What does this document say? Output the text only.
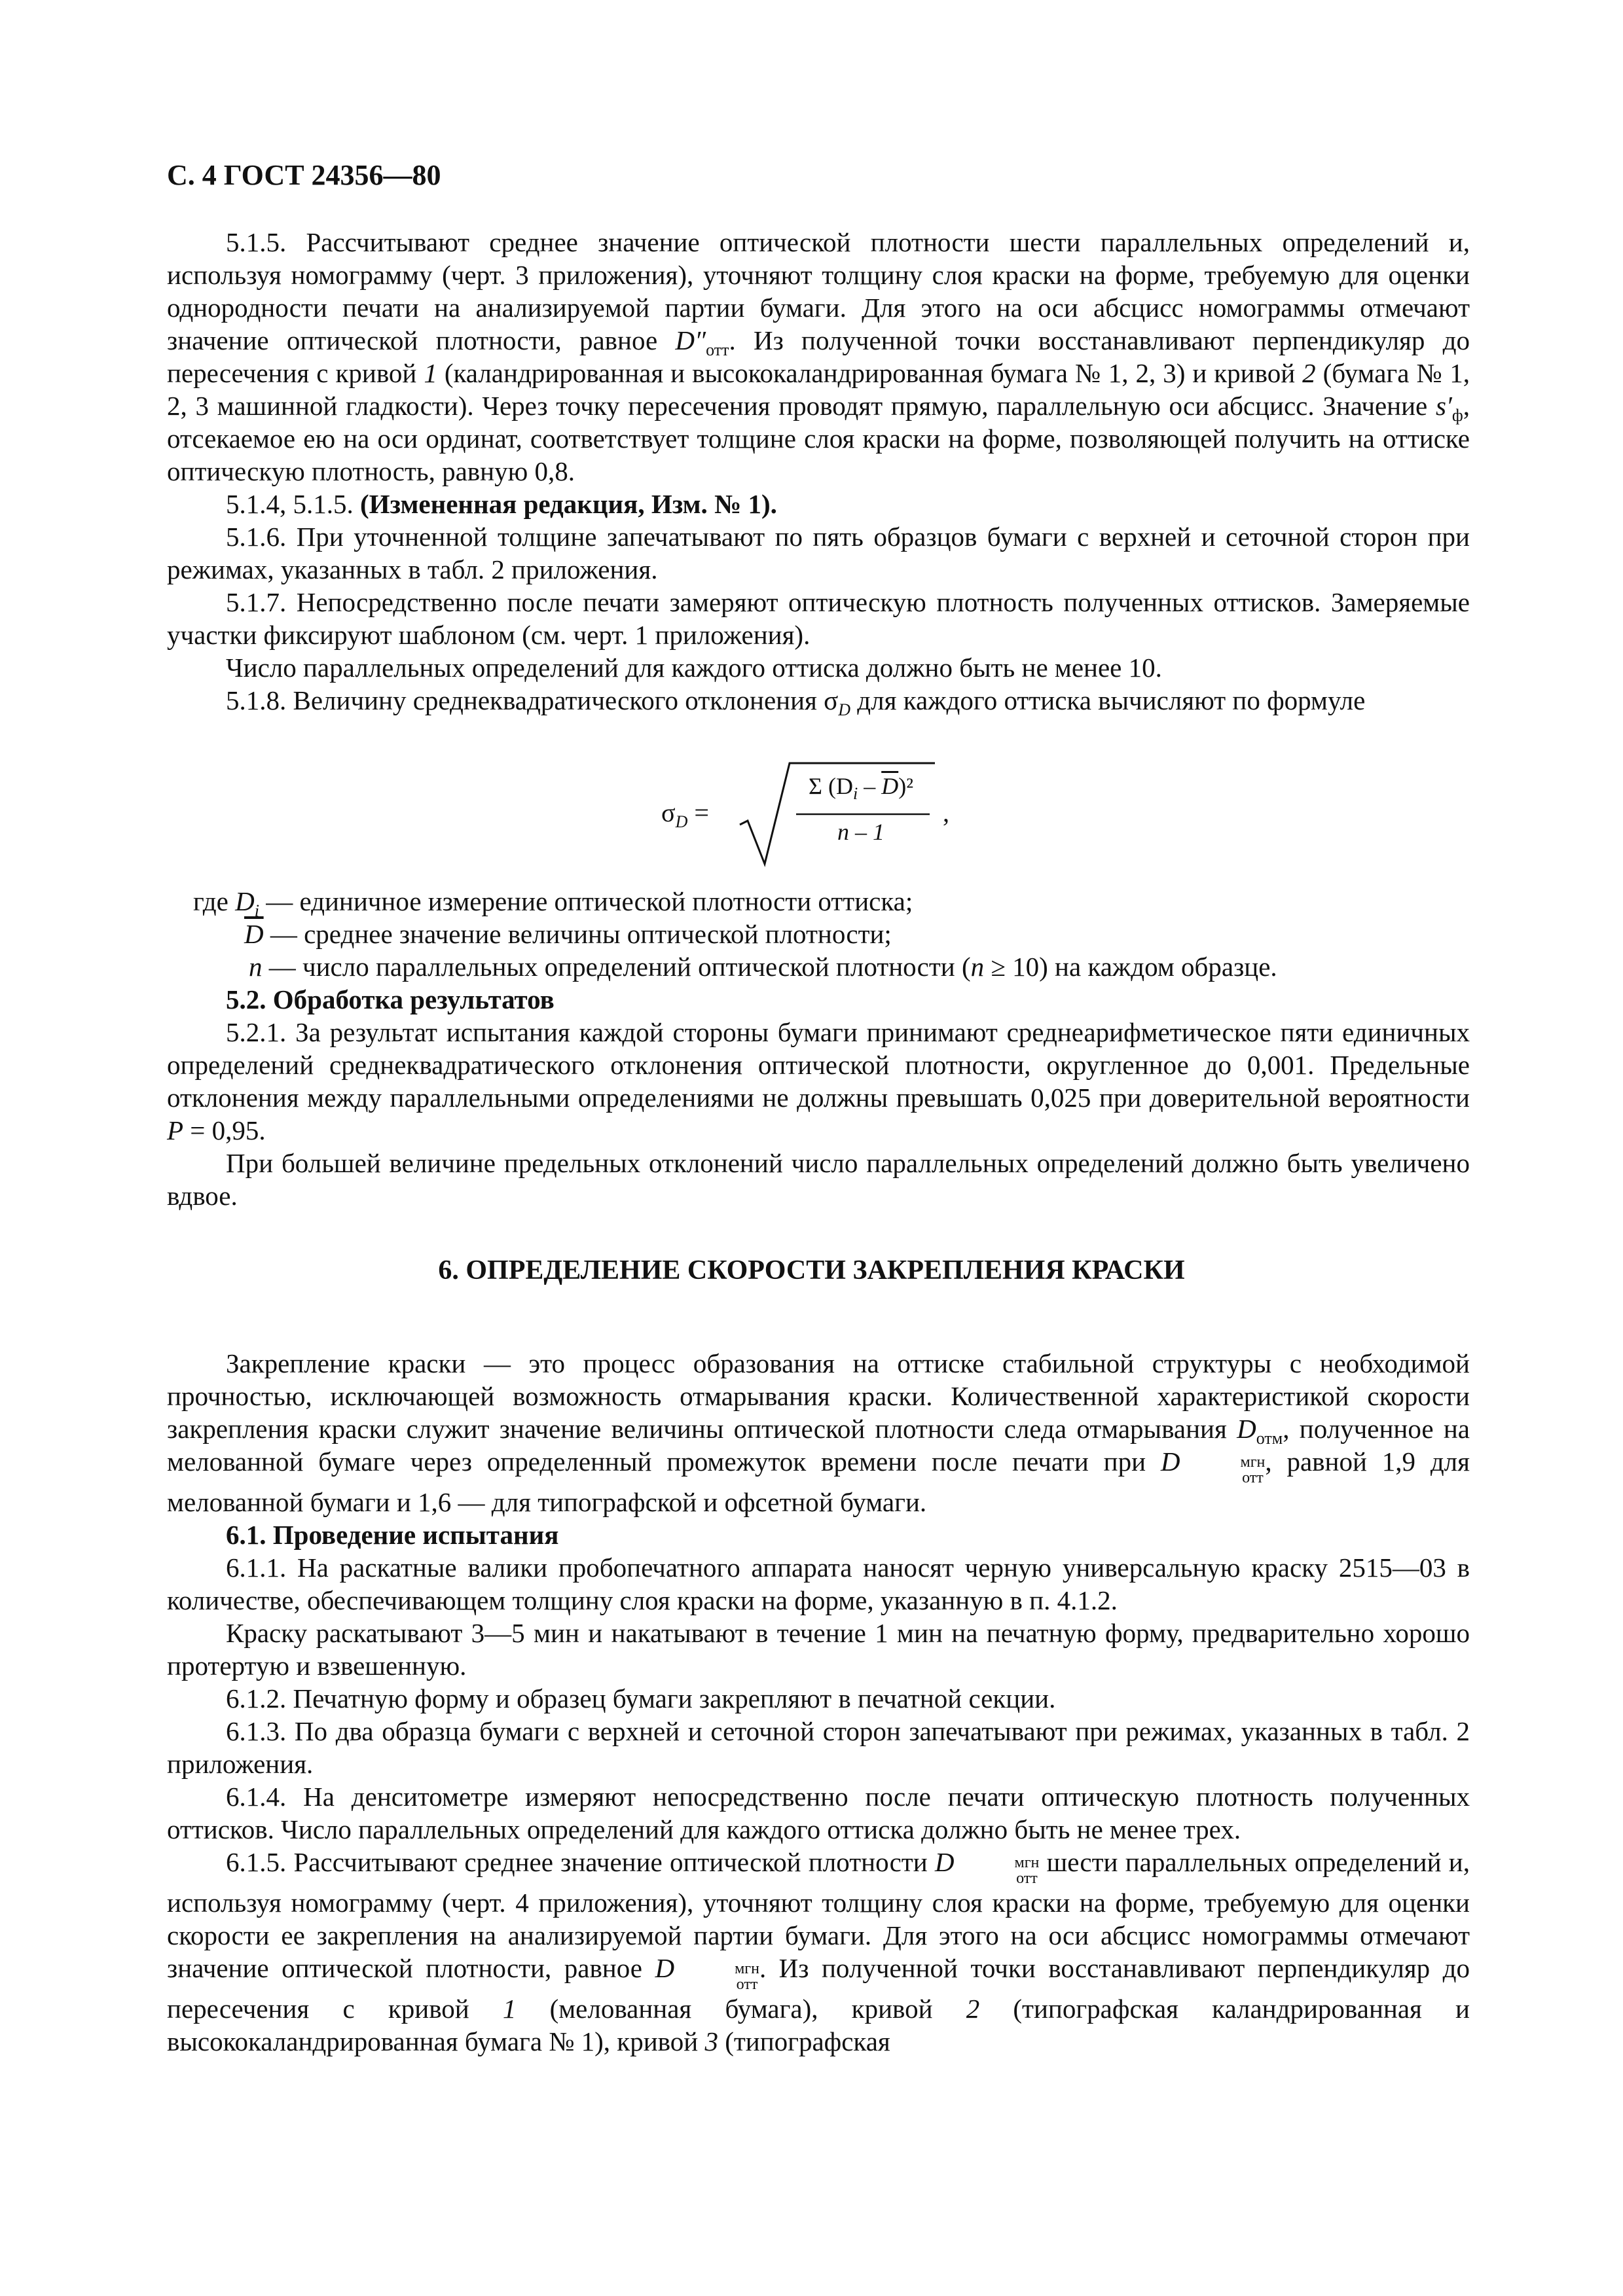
С. 4 ГОСТ 24356—80

5.1.5. Рассчитывают среднее значение оптической плотности шести параллельных определений и, используя номограмму (черт. 3 приложения), уточняют толщину слоя краски на форме, требуемую для оценки однородности печати на анализируемой партии бумаги. Для этого на оси абсцисс номограммы отмечают значение оптической плотности, равное $D''_{отт}$. Из полученной точки восстанавливают перпендикуляр до пересечения с кривой 1 (каландрированная и высококаландрированная бумага № 1, 2, 3) и кривой 2 (бумага № 1, 2, 3 машинной гладкости). Через точку пересечения проводят прямую, параллельную оси абсцисс. Значение $s'_ф$, отсекаемое ею на оси ординат, соответствует толщине слоя краски на форме, позволяющей получить на оттиске оптическую плотность, равную 0,8.

5.1.4, 5.1.5. (Измененная редакция, Изм. № 1).

5.1.6. При уточненной толщине запечатывают по пять образцов бумаги с верхней и сеточной сторон при режимах, указанных в табл. 2 приложения.

5.1.7. Непосредственно после печати замеряют оптическую плотность полученных оттисков. Замеряемые участки фиксируют шаблоном (см. черт. 1 приложения).

Число параллельных определений для каждого оттиска должно быть не менее 10.

5.1.8. Величину среднеквадратического отклонения $\sigma_D$ для каждого оттиска вычисляют по формуле

$\sigma_D$ =
Σ $(D_i - \overline{D})^2$
n – 1
,
где $D_i$ — единичное измерение оптической плотности оттиска;
$\overline{D}$ — среднее значение величины оптической плотности;
n — число параллельных определений оптической плотности (n ≥ 10) на каждом образце.

5.2. Обработка результатов

5.2.1. За результат испытания каждой стороны бумаги принимают среднеарифметическое пяти единичных определений среднеквадратического отклонения оптической плотности, округленное до 0,001. Предельные отклонения между параллельными определениями не должны превышать 0,025 при доверительной вероятности P = 0,95.

При большей величине предельных отклонений число параллельных определений должно быть увеличено вдвое.

6. ОПРЕДЕЛЕНИЕ СКОРОСТИ ЗАКРЕПЛЕНИЯ КРАСКИ

Закрепление краски — это процесс образования на оттиске стабильной структуры с необходимой прочностью, исключающей возможность отмарывания краски. Количественной характеристикой скорости закрепления краски служит значение величины оптической плотности следа отмарывания $D_{отм}$, полученное на мелованной бумаге через определенный промежуток времени после печати при D	мгн
отт
, равной 1,9 для мелованной бумаги и 1,6 — для типографской и офсетной бумаги.

6.1. Проведение испытания

6.1.1. На раскатные валики пробопечатного аппарата наносят черную универсальную краску 2515—03 в количестве, обеспечивающем толщину слоя краски на форме, указанную в п. 4.1.2.

Краску раскатывают 3—5 мин и накатывают в течение 1 мин на печатную форму, предварительно хорошо протертую и взвешенную.

6.1.2. Печатную форму и образец бумаги закрепляют в печатной секции.

6.1.3. По два образца бумаги с верхней и сеточной сторон запечатывают при режимах, указанных в табл. 2 приложения.

6.1.4. На денситометре измеряют непосредственно после печати оптическую плотность полученных оттисков. Число параллельных определений для каждого оттиска должно быть не менее трех.

6.1.5. Рассчитывают среднее значение оптической плотности D	мгн
отт
шести параллельных определений и, используя номограмму (черт. 4 приложения), уточняют толщину слоя краски на форме, требуемую для оценки скорости ее закрепления на анализируемой партии бумаги. Для этого на оси абсцисс номограммы отмечают значение оптической плотности, равное D	мгн
отт
. Из полученной точки восстанавливают перпендикуляр до пересечения с кривой 1 (мелованная бумага), кривой 2 (типографская каландрированная и высококаландрированная бумага № 1), кривой 3 (типографская
